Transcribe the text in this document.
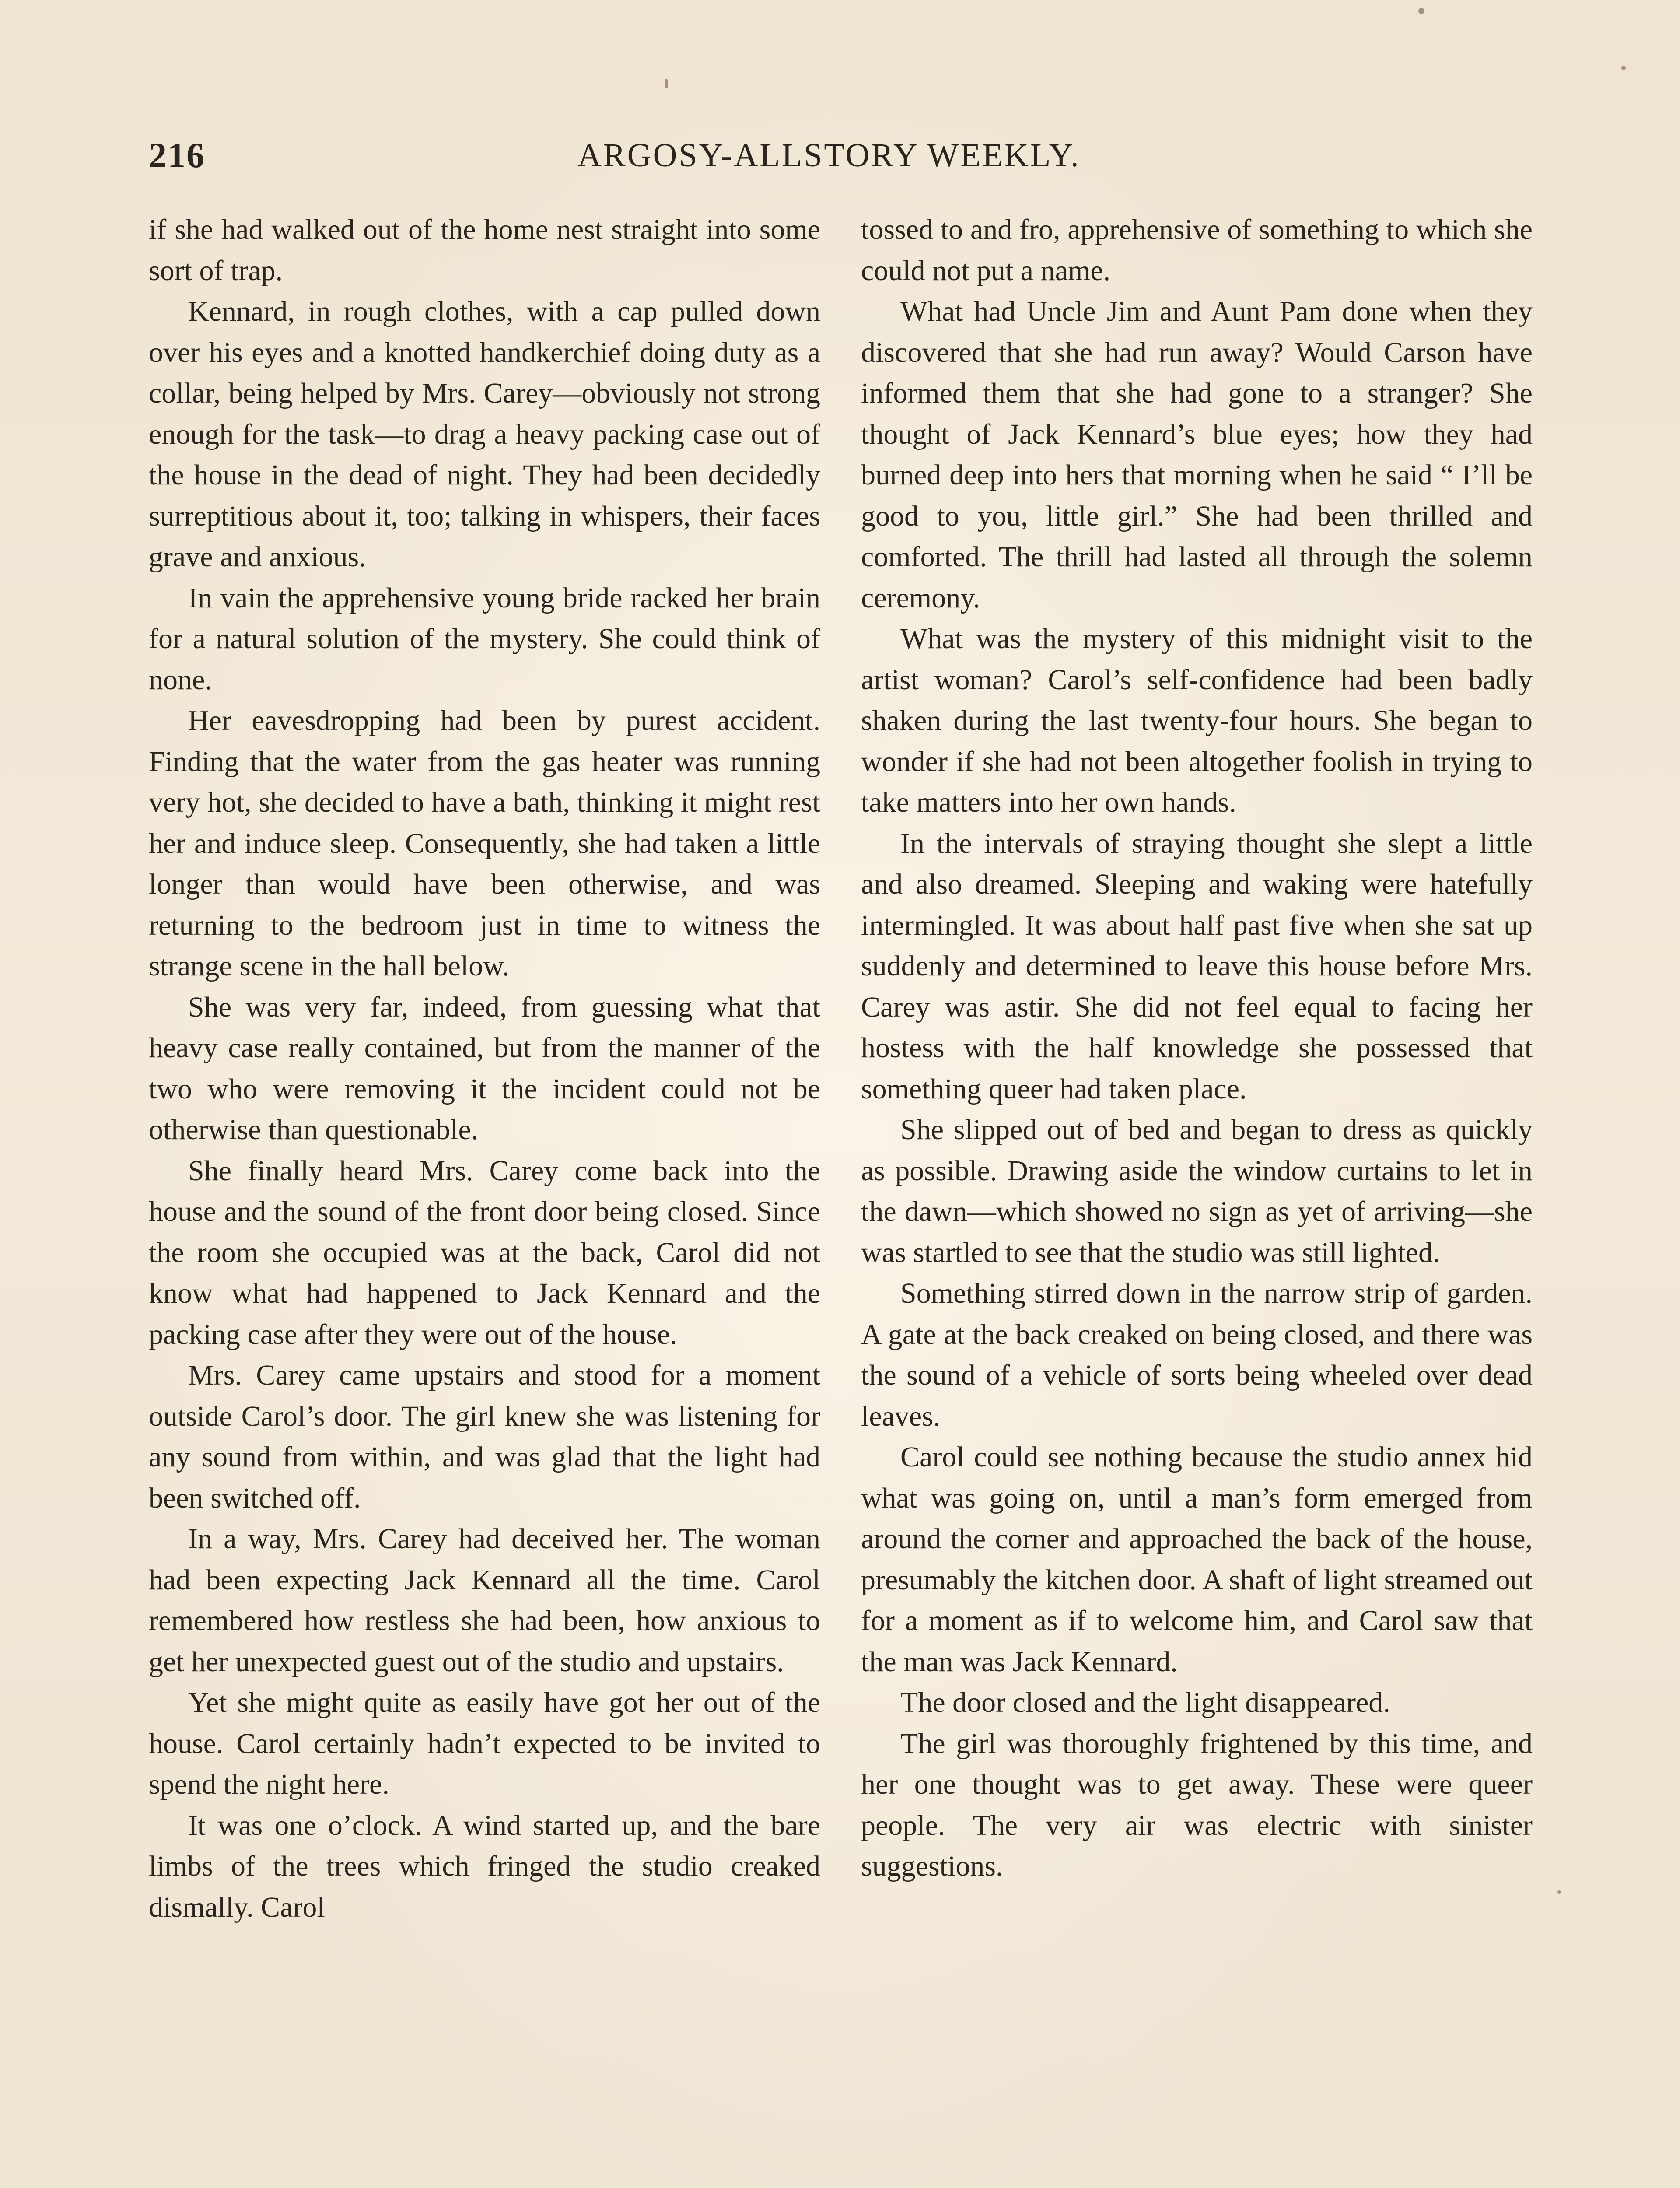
216	ARGOSY-ALLSTORY WEEKLY.

if she had walked out of the home nest straight into some sort of trap.

Kennard, in rough clothes, with a cap pulled down over his eyes and a knotted handkerchief doing duty as a collar, being helped by Mrs. Carey—obviously not strong enough for the task—to drag a heavy packing case out of the house in the dead of night. They had been decidedly surreptitious about it, too; talking in whispers, their faces grave and anxious.

In vain the apprehensive young bride racked her brain for a natural solution of the mystery. She could think of none.

Her eavesdropping had been by purest accident. Finding that the water from the gas heater was running very hot, she decided to have a bath, thinking it might rest her and induce sleep. Consequently, she had taken a little longer than would have been otherwise, and was returning to the bedroom just in time to witness the strange scene in the hall below.

She was very far, indeed, from guessing what that heavy case really contained, but from the manner of the two who were removing it the incident could not be otherwise than questionable.

She finally heard Mrs. Carey come back into the house and the sound of the front door being closed. Since the room she occupied was at the back, Carol did not know what had happened to Jack Kennard and the packing case after they were out of the house.

Mrs. Carey came upstairs and stood for a moment outside Carol’s door. The girl knew she was listening for any sound from within, and was glad that the light had been switched off.

In a way, Mrs. Carey had deceived her. The woman had been expecting Jack Kennard all the time. Carol remembered how restless she had been, how anxious to get her unexpected guest out of the studio and upstairs.

Yet she might quite as easily have got her out of the house. Carol certainly hadn’t expected to be invited to spend the night here.

It was one o’clock. A wind started up, and the bare limbs of the trees which fringed the studio creaked dismally. Carol

tossed to and fro, apprehensive of something to which she could not put a name.

What had Uncle Jim and Aunt Pam done when they discovered that she had run away? Would Carson have informed them that she had gone to a stranger? She thought of Jack Kennard’s blue eyes; how they had burned deep into hers that morning when he said “ I’ll be good to you, little girl.” She had been thrilled and comforted. The thrill had lasted all through the solemn ceremony.

What was the mystery of this midnight visit to the artist woman? Carol’s self-confidence had been badly shaken during the last twenty-four hours. She began to wonder if she had not been altogether foolish in trying to take matters into her own hands.

In the intervals of straying thought she slept a little and also dreamed. Sleeping and waking were hatefully intermingled. It was about half past five when she sat up suddenly and determined to leave this house before Mrs. Carey was astir. She did not feel equal to facing her hostess with the half knowledge she possessed that something queer had taken place.

She slipped out of bed and began to dress as quickly as possible. Drawing aside the window curtains to let in the dawn—which showed no sign as yet of arriving—she was startled to see that the studio was still lighted.

Something stirred down in the narrow strip of garden. A gate at the back creaked on being closed, and there was the sound of a vehicle of sorts being wheeled over dead leaves.

Carol could see nothing because the studio annex hid what was going on, until a man’s form emerged from around the corner and approached the back of the house, presumably the kitchen door. A shaft of light streamed out for a moment as if to welcome him, and Carol saw that the man was Jack Kennard.

The door closed and the light disappeared.

The girl was thoroughly frightened by this time, and her one thought was to get away. These were queer people. The very air was electric with sinister suggestions.
